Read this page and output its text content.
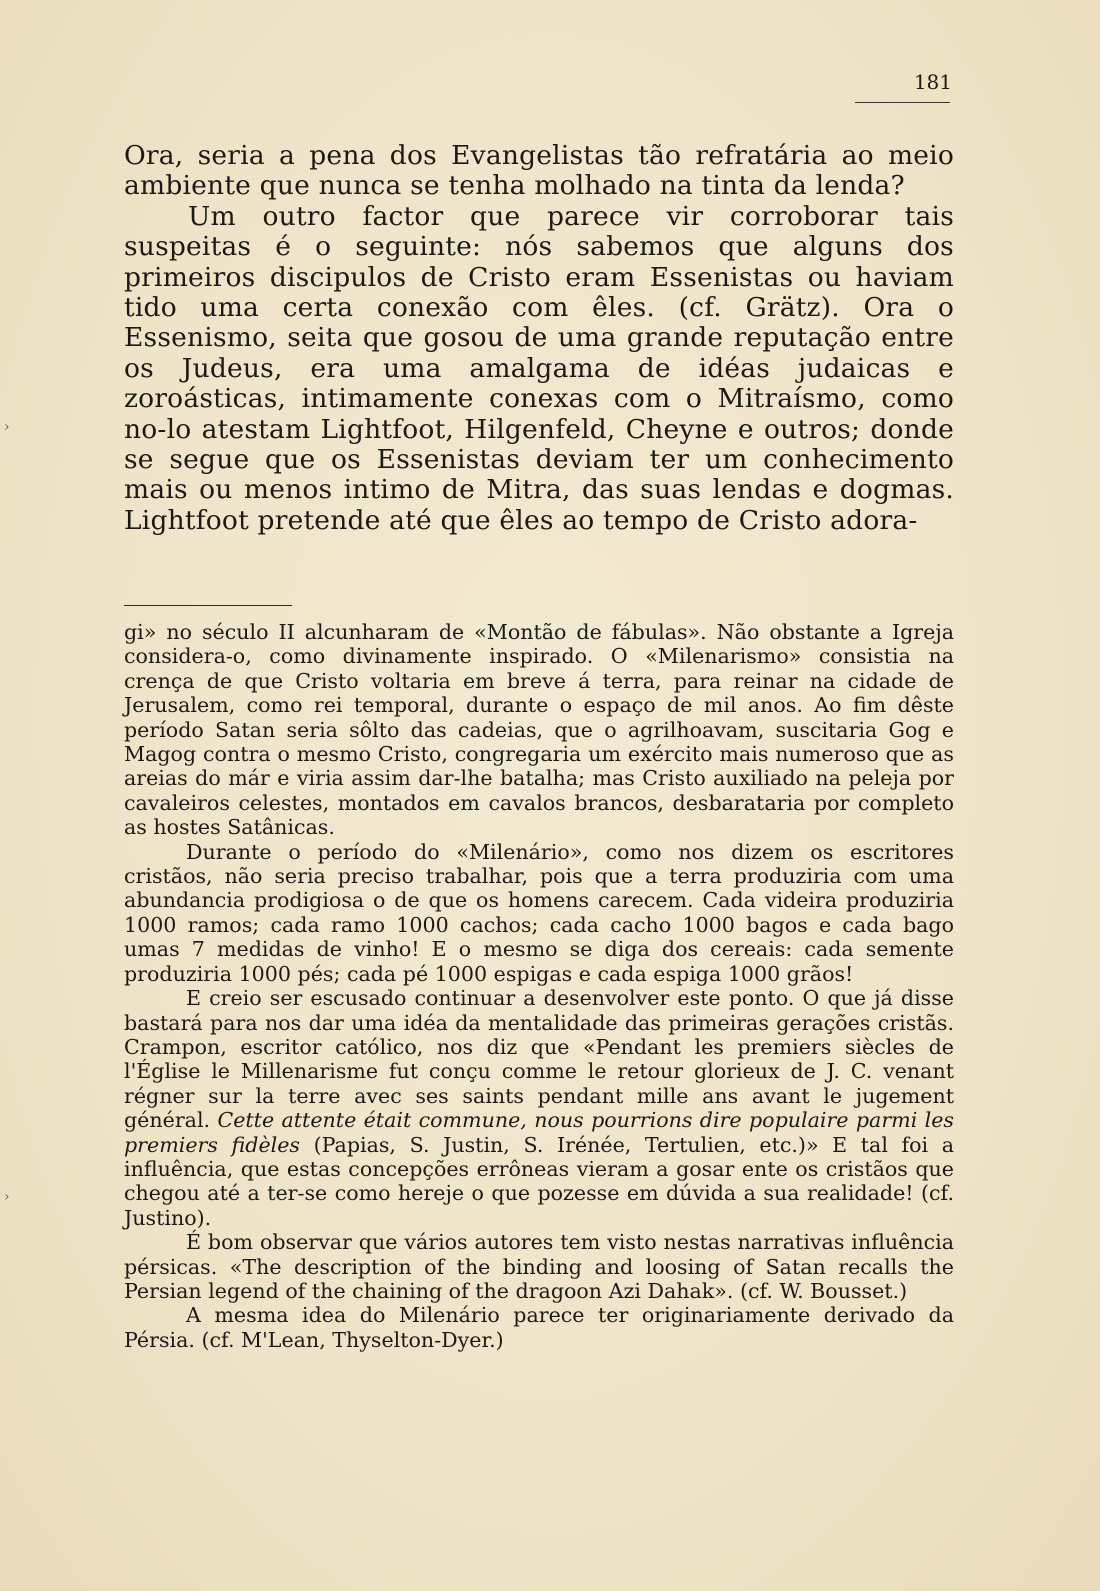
181

Ora, seria a pena dos Evangelistas tão refratária ao meio ambiente que nunca se tenha molhado na tinta da lenda?

Um outro factor que parece vir corroborar tais suspeitas é o seguinte: nós sabemos que alguns dos primeiros discipulos de Cristo eram Essenistas ou haviam tido uma certa conexão com êles. (cf. Grätz). Ora o Essenismo, seita que gosou de uma grande reputação entre os Judeus, era uma amalgama de idéas judaicas e zoroásticas, intimamente conexas com o Mitraísmo, como no-lo atestam Lightfoot, Hilgenfeld, Cheyne e outros; donde se segue que os Essenistas deviam ter um conhecimento mais ou menos intimo de Mitra, das suas lendas e dogmas. Lightfoot pretende até que êles ao tempo de Cristo adora-

gi» no século II alcunharam de «Montão de fábulas». Não obstante a Igreja considera-o, como divinamente inspirado. O «Milenarismo» consistia na crença de que Cristo voltaria em breve á terra, para reinar na cidade de Jerusalem, como rei temporal, durante o espaço de mil anos. Ao fim dêste período Satan seria sôlto das cadeias, que o agrilhoavam, suscitaria Gog e Magog contra o mesmo Cristo, congregaria um exército mais numeroso que as areias do már e viria assim dar-lhe batalha; mas Cristo auxiliado na peleja por cavaleiros celestes, montados em cavalos brancos, desbarataria por completo as hostes Satânicas.

Durante o período do «Milenário», como nos dizem os escritores cristãos, não seria preciso trabalhar, pois que a terra produziria com uma abundancia prodigiosa o de que os homens carecem. Cada videira produziria 1000 ramos; cada ramo 1000 cachos; cada cacho 1000 bagos e cada bago umas 7 medidas de vinho! E o mesmo se diga dos cereais: cada semente produziria 1000 pés; cada pé 1000 espigas e cada espiga 1000 grãos!

E creio ser escusado continuar a desenvolver este ponto. O que já disse bastará para nos dar uma idéa da mentalidade das primeiras gerações cristãs. Crampon, escritor católico, nos diz que «Pendant les premiers siècles de l'Église le Millenarisme fut conçu comme le retour glorieux de J. C. venant régner sur la terre avec ses saints pendant mille ans avant le jugement général. Cette attente était commune, nous pourrions dire populaire parmi les premiers fidèles (Papias, S. Justin, S. Irénée, Tertulien, etc.)» E tal foi a influência, que estas concepções errôneas vieram a gosar ente os cristãos que chegou até a ter-se como hereje o que pozesse em dúvida a sua realidade! (cf. Justino).

É bom observar que vários autores tem visto nestas narrativas influência pérsicas. «The description of the binding and loosing of Satan recalls the Persian legend of the chaining of the dragoon Azi Dahak». (cf. W. Bousset.)

A mesma idea do Milenário parece ter originariamente derivado da Pérsia. (cf. M'Lean, Thyselton-Dyer.)

›
›
